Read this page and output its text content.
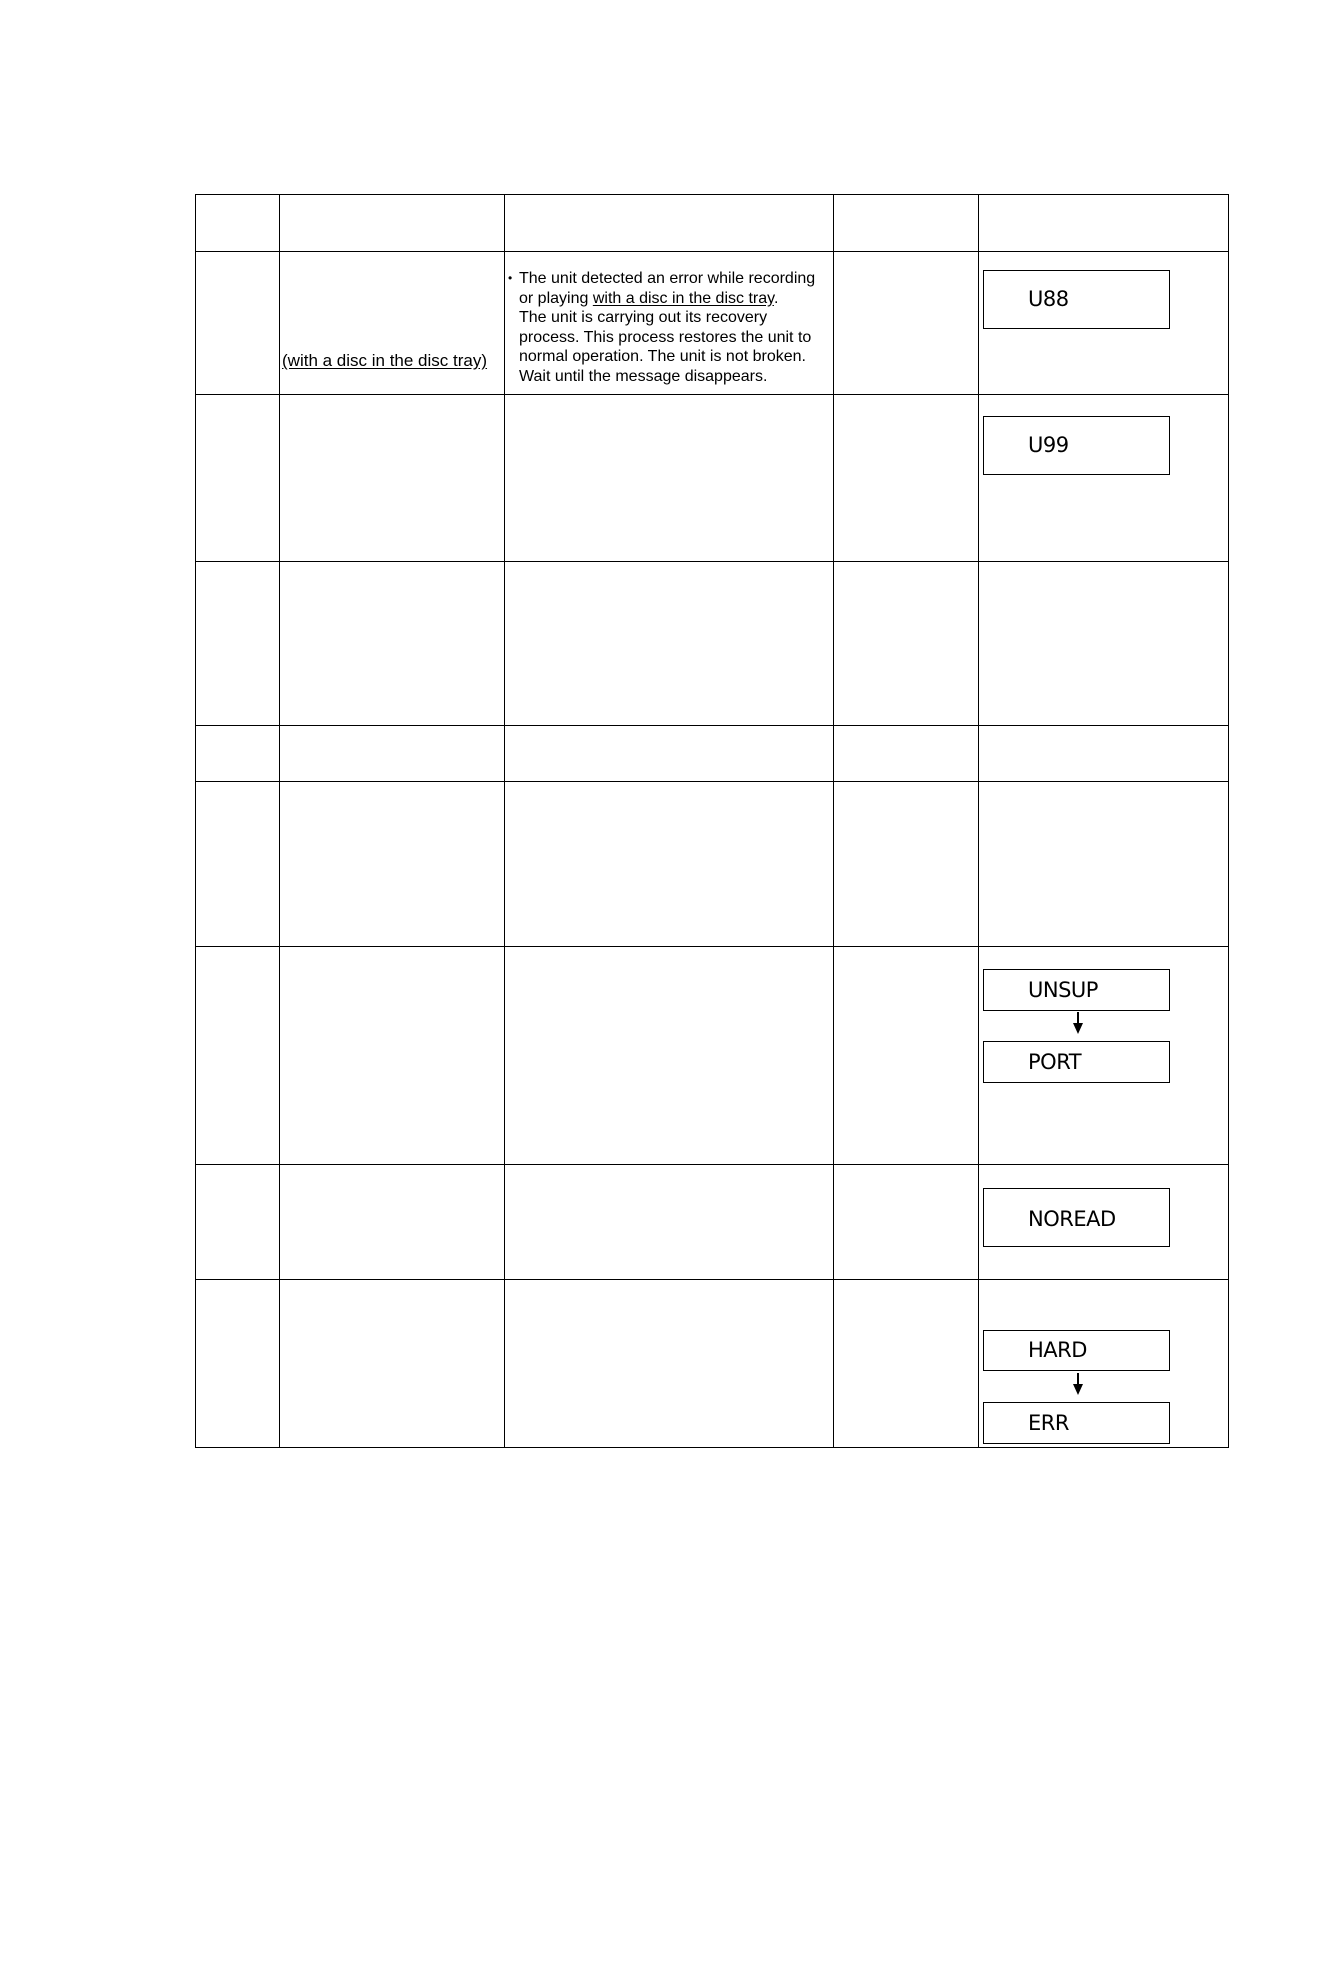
(with a disc in the disc tray)
• The unit detected an error while recording
or playing with a disc in the disc tray.
The unit is carrying out its recovery
process. This process restores the unit to
normal operation. The unit is not broken.
Wait until the message disappears.
U88
U99
UNSUP
PORT
NOREAD
HARD
ERR
